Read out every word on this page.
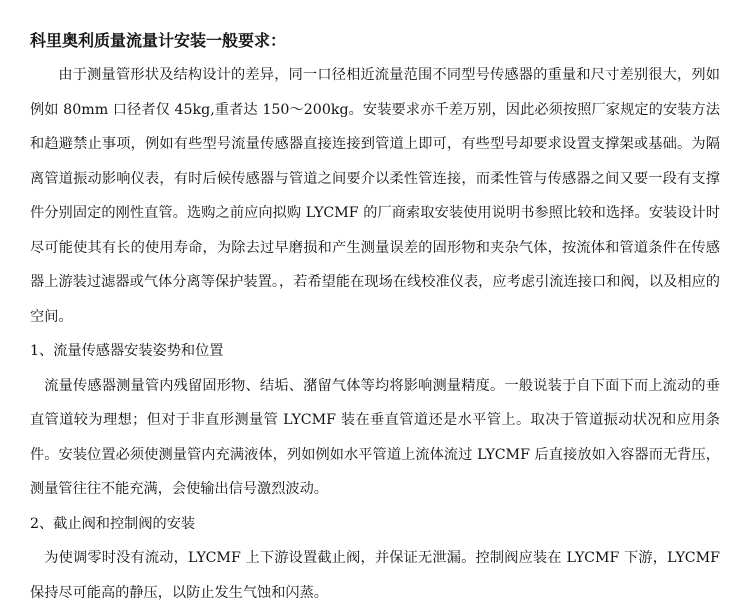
科里奥利质量流量计安装一般要求：

由于测量管形状及结构设计的差异，同一口径相近流量范围不同型号传感器的重量和尺寸差别很大，列如例如 80mm 口径者仅 45kg,重者达 150～200kg。安装要求亦千差万别，因此必须按照厂家规定的安装方法和趋避禁止事项，例如有些型号流量传感器直接连接到管道上即可，有些型号却要求设置支撑架或基础。为隔离管道振动影响仪表，有时后候传感器与管道之间要介以柔性管连接，而柔性管与传感器之间又要一段有支撑件分别固定的刚性直管。选购之前应向拟购 LYCMF 的厂商索取安装使用说明书参照比较和选择。安装设计时尽可能使其有长的使用寿命，为除去过早磨损和产生测量误差的固形物和夹杂气体，按流体和管道条件在传感器上游装过滤器或气体分离等保护装置。，若希望能在现场在线校准仪表，应考虑引流连接口和阀，以及相应的空间。

1、流量传感器安装姿势和位置

流量传感器测量管内残留固形物、结垢、潴留气体等均将影响测量精度。一般说装于自下面下而上流动的垂直管道较为理想；但对于非直形测量管 LYCMF 装在垂直管道还是水平管上。取决于管道振动状况和应用条件。安装位置必须使测量管内充满液体，列如例如水平管道上流体流过 LYCMF 后直接放如入容器而无背压，测量管往往不能充满，会使输出信号激烈波动。

2、截止阀和控制阀的安装

为使调零时没有流动，LYCMF 上下游设置截止阀，并保证无泄漏。控制阀应装在 LYCMF 下游，LYCMF 保持尽可能高的静压，以防止发生气蚀和闪蒸。
